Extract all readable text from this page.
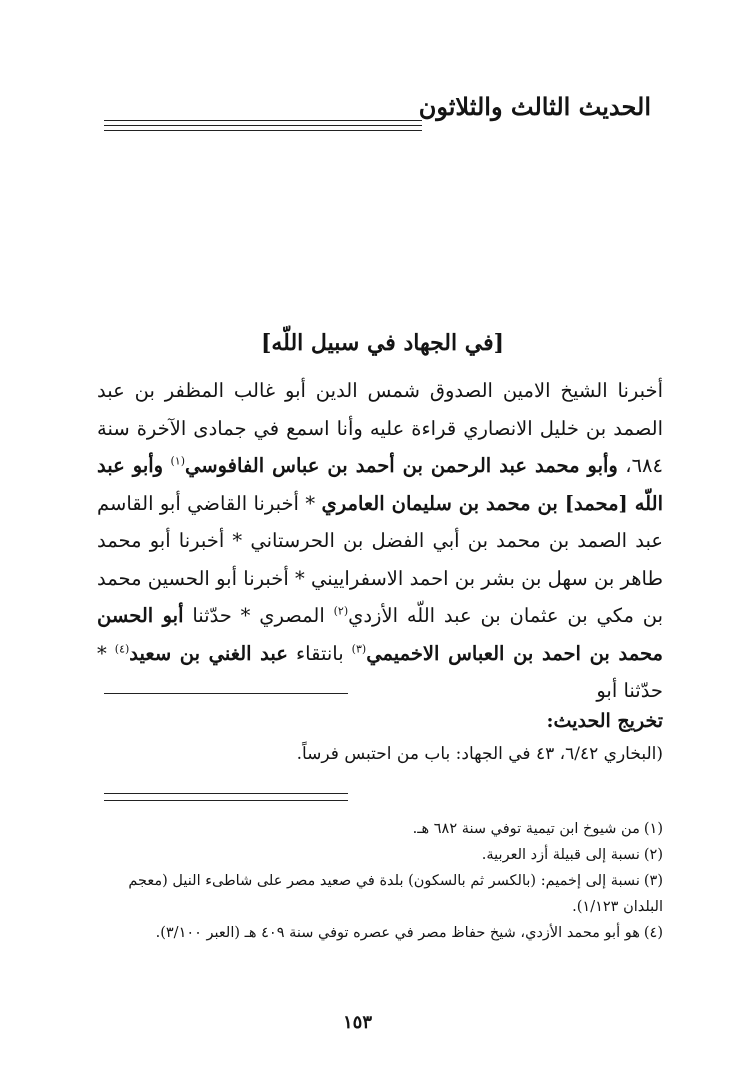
الحديث الثالث والثلاثون
[في الجهاد في سبيل اللّه]

أخبرنا الشيخ الامين الصدوق شمس الدين أبو غالب المظفر بن عبد الصمد بن خليل الانصاري قراءة عليه وأنا اسمع في جمادى الآخرة سنة ٦٨٤، وأبو محمد عبد الرحمن بن أحمد بن عباس الفافوسي$^{(١)}$ وأبو عبد اللّه [محمد] بن محمد بن سليمان العامري * أخبرنا القاضي أبو القاسم عبد الصمد بن محمد بن أبي الفضل بن الحرستاني * أخبرنا أبو محمد طاهر بن سهل بن بشر بن احمد الاسفراييني * أخبرنا أبو الحسين محمد بن مكي بن عثمان بن عبد اللّه الأزدي$^{(٢)}$ المصري * حدّثنا أبو الحسن محمد بن احمد بن العباس الاخميمي$^{(٣)}$ بانتقاء عبد الغني بن سعيد$^{(٤)}$ * حدّثنا أبو

تخريج الحديث:
(البخاري ٦/٤٢، ٤٣ في الجهاد: باب من احتبس فرساً.
(١)من شيوخ ابن تيمية توفي سنة ٦٨٢ هـ.
(٢)نسبة إلى قبيلة أزد العربية.
(٣)نسبة إلى إخميم: (بالكسر ثم بالسكون) بلدة في صعيد مصر على شاطىء النيل (معجم البلدان ١/١٢٣).
(٤)هو أبو محمد الأزدي، شيخ حفاظ مصر في عصره توفي سنة ٤٠٩ هـ (العبر ٣/١٠٠).
١٥٣
